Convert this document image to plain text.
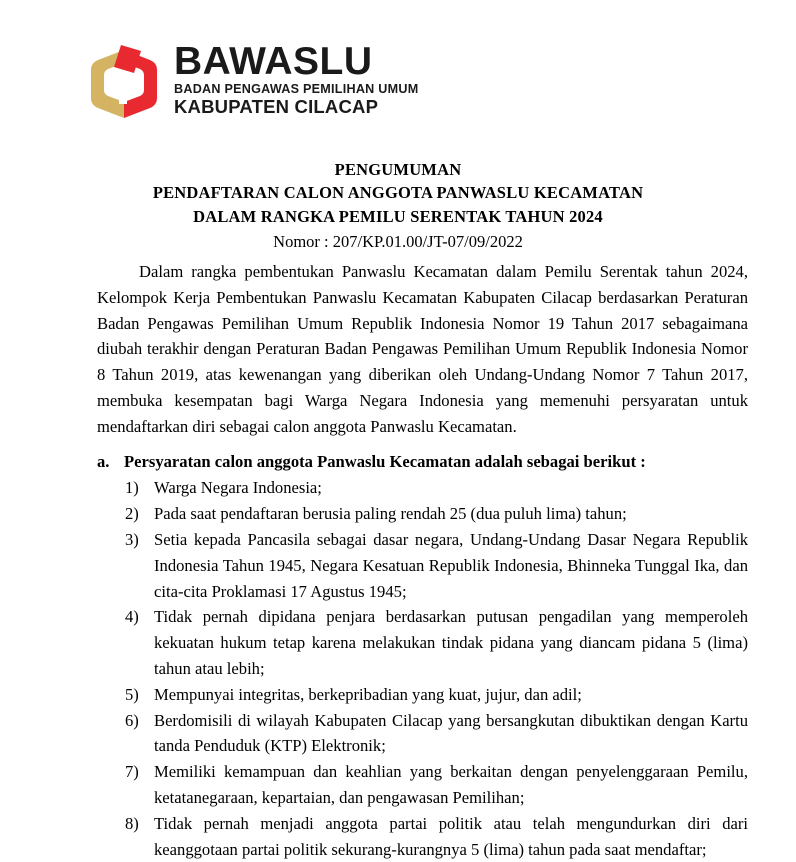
BAWASLU
BADAN PENGAWAS PEMILIHAN UMUM
KABUPATEN CILACAP
PENGUMUMAN
PENDAFTARAN CALON ANGGOTA PANWASLU KECAMATAN
DALAM RANGKA PEMILU SERENTAK TAHUN 2024
Nomor : 207/KP.01.00/JT-07/09/2022

Dalam rangka pembentukan Panwaslu Kecamatan dalam Pemilu Serentak tahun 2024, Kelompok Kerja Pembentukan Panwaslu Kecamatan Kabupaten Cilacap berdasarkan Peraturan Badan Pengawas Pemilihan Umum Republik Indonesia Nomor 19 Tahun 2017 sebagaimana diubah terakhir dengan Peraturan Badan Pengawas Pemilihan Umum Republik Indonesia Nomor 8 Tahun 2019, atas kewenangan yang diberikan oleh Undang-Undang Nomor 7 Tahun 2017, membuka kesempatan bagi Warga Negara Indonesia yang memenuhi persyaratan untuk mendaftarkan diri sebagai calon anggota Panwaslu Kecamatan.

a. Persyaratan calon anggota Panwaslu Kecamatan adalah sebagai berikut :
1) Warga Negara Indonesia;
2) Pada saat pendaftaran berusia paling rendah 25 (dua puluh lima) tahun;
3) Setia kepada Pancasila sebagai dasar negara, Undang-Undang Dasar Negara Republik Indonesia Tahun 1945, Negara Kesatuan Republik Indonesia, Bhinneka Tunggal Ika, dan cita-cita Proklamasi 17 Agustus 1945;
4) Tidak pernah dipidana penjara berdasarkan putusan pengadilan yang memperoleh kekuatan hukum tetap karena melakukan tindak pidana yang diancam pidana 5 (lima) tahun atau lebih;
5) Mempunyai integritas, berkepribadian yang kuat, jujur, dan adil;
6) Berdomisili di wilayah Kabupaten Cilacap yang bersangkutan dibuktikan dengan Kartu tanda Penduduk (KTP) Elektronik;
7) Memiliki kemampuan dan keahlian yang berkaitan dengan penyelenggaraan Pemilu, ketatanegaraan, kepartaian, dan pengawasan Pemilihan;
8) Tidak pernah menjadi anggota partai politik atau telah mengundurkan diri dari keanggotaan partai politik sekurang-kurangnya 5 (lima) tahun pada saat mendaftar;
